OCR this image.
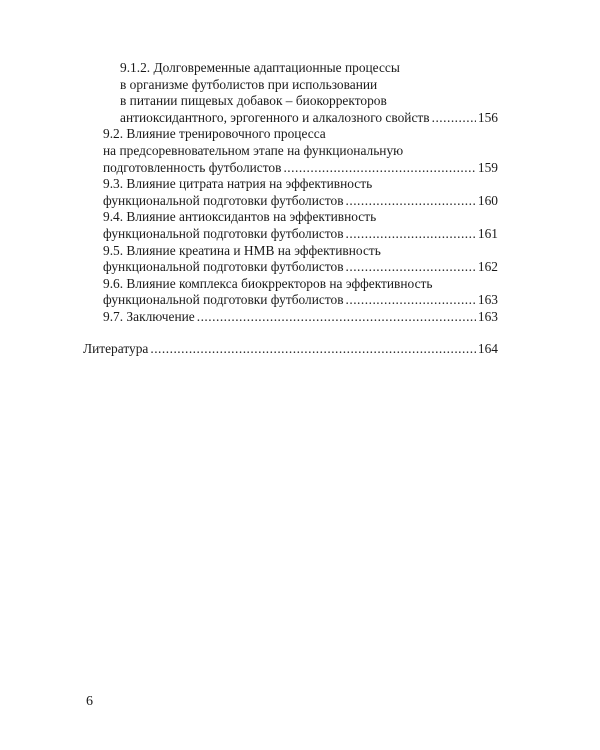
9.1.2. Долговременные адаптационные процессы
в организме футболистов при использовании
в питании пищевых добавок – биокорректоров
антиоксидантного, эргогенного и алкалозного свойств .....	156
9.2. Влияние тренировочного процесса
на предсоревновательном этапе на функциональную
подготовленность футболистов .....	159
9.3. Влияние цитрата натрия на эффективность
функциональной подготовки футболистов .....	160
9.4. Влияние антиоксидантов на эффективность
функциональной подготовки футболистов .....	161
9.5. Влияние креатина и НМВ на эффективность
функциональной подготовки футболистов .....	162
9.6. Влияние комплекса биокрректоров на эффективность
функциональной подготовки футболистов .....	163
9.7. Заключение .....	163
Литература .....	164
6
